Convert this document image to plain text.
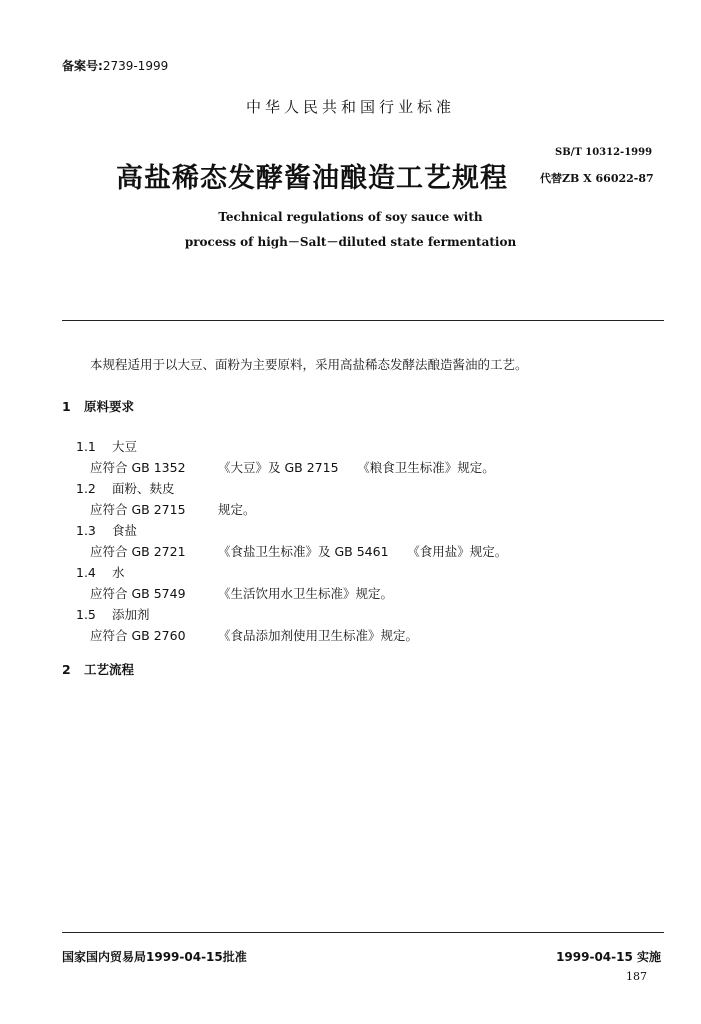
备案号:2739-1999
中华人民共和国行业标准
SB/T 10312-1999
高盐稀态发酵酱油酿造工艺规程	代替ZB X 66022-87
Technical regulations of soy sauce with
process of high－Salt－diluted state fermentation
本规程适用于以大豆、面粉为主要原料，采用高盐稀态发酵法酿造酱油的工艺。
1 原料要求
1.1 大豆
应符合 GB 1352	《大豆》及 GB 2715　　《粮食卫生标准》规定。
1.2 面粉、麸皮
应符合 GB 2715	规定。
1.3 食盐
应符合 GB 2721	《食盐卫生标准》及 GB 5461　　《食用盐》规定。
1.4 水
应符合 GB 5749	《生活饮用水卫生标准》规定。
1.5 添加剂
应符合 GB 2760	《食品添加剂使用卫生标准》规定。
2 工艺流程
国家国内贸易局1999-04-15批准	1999-04-15 实施
187
